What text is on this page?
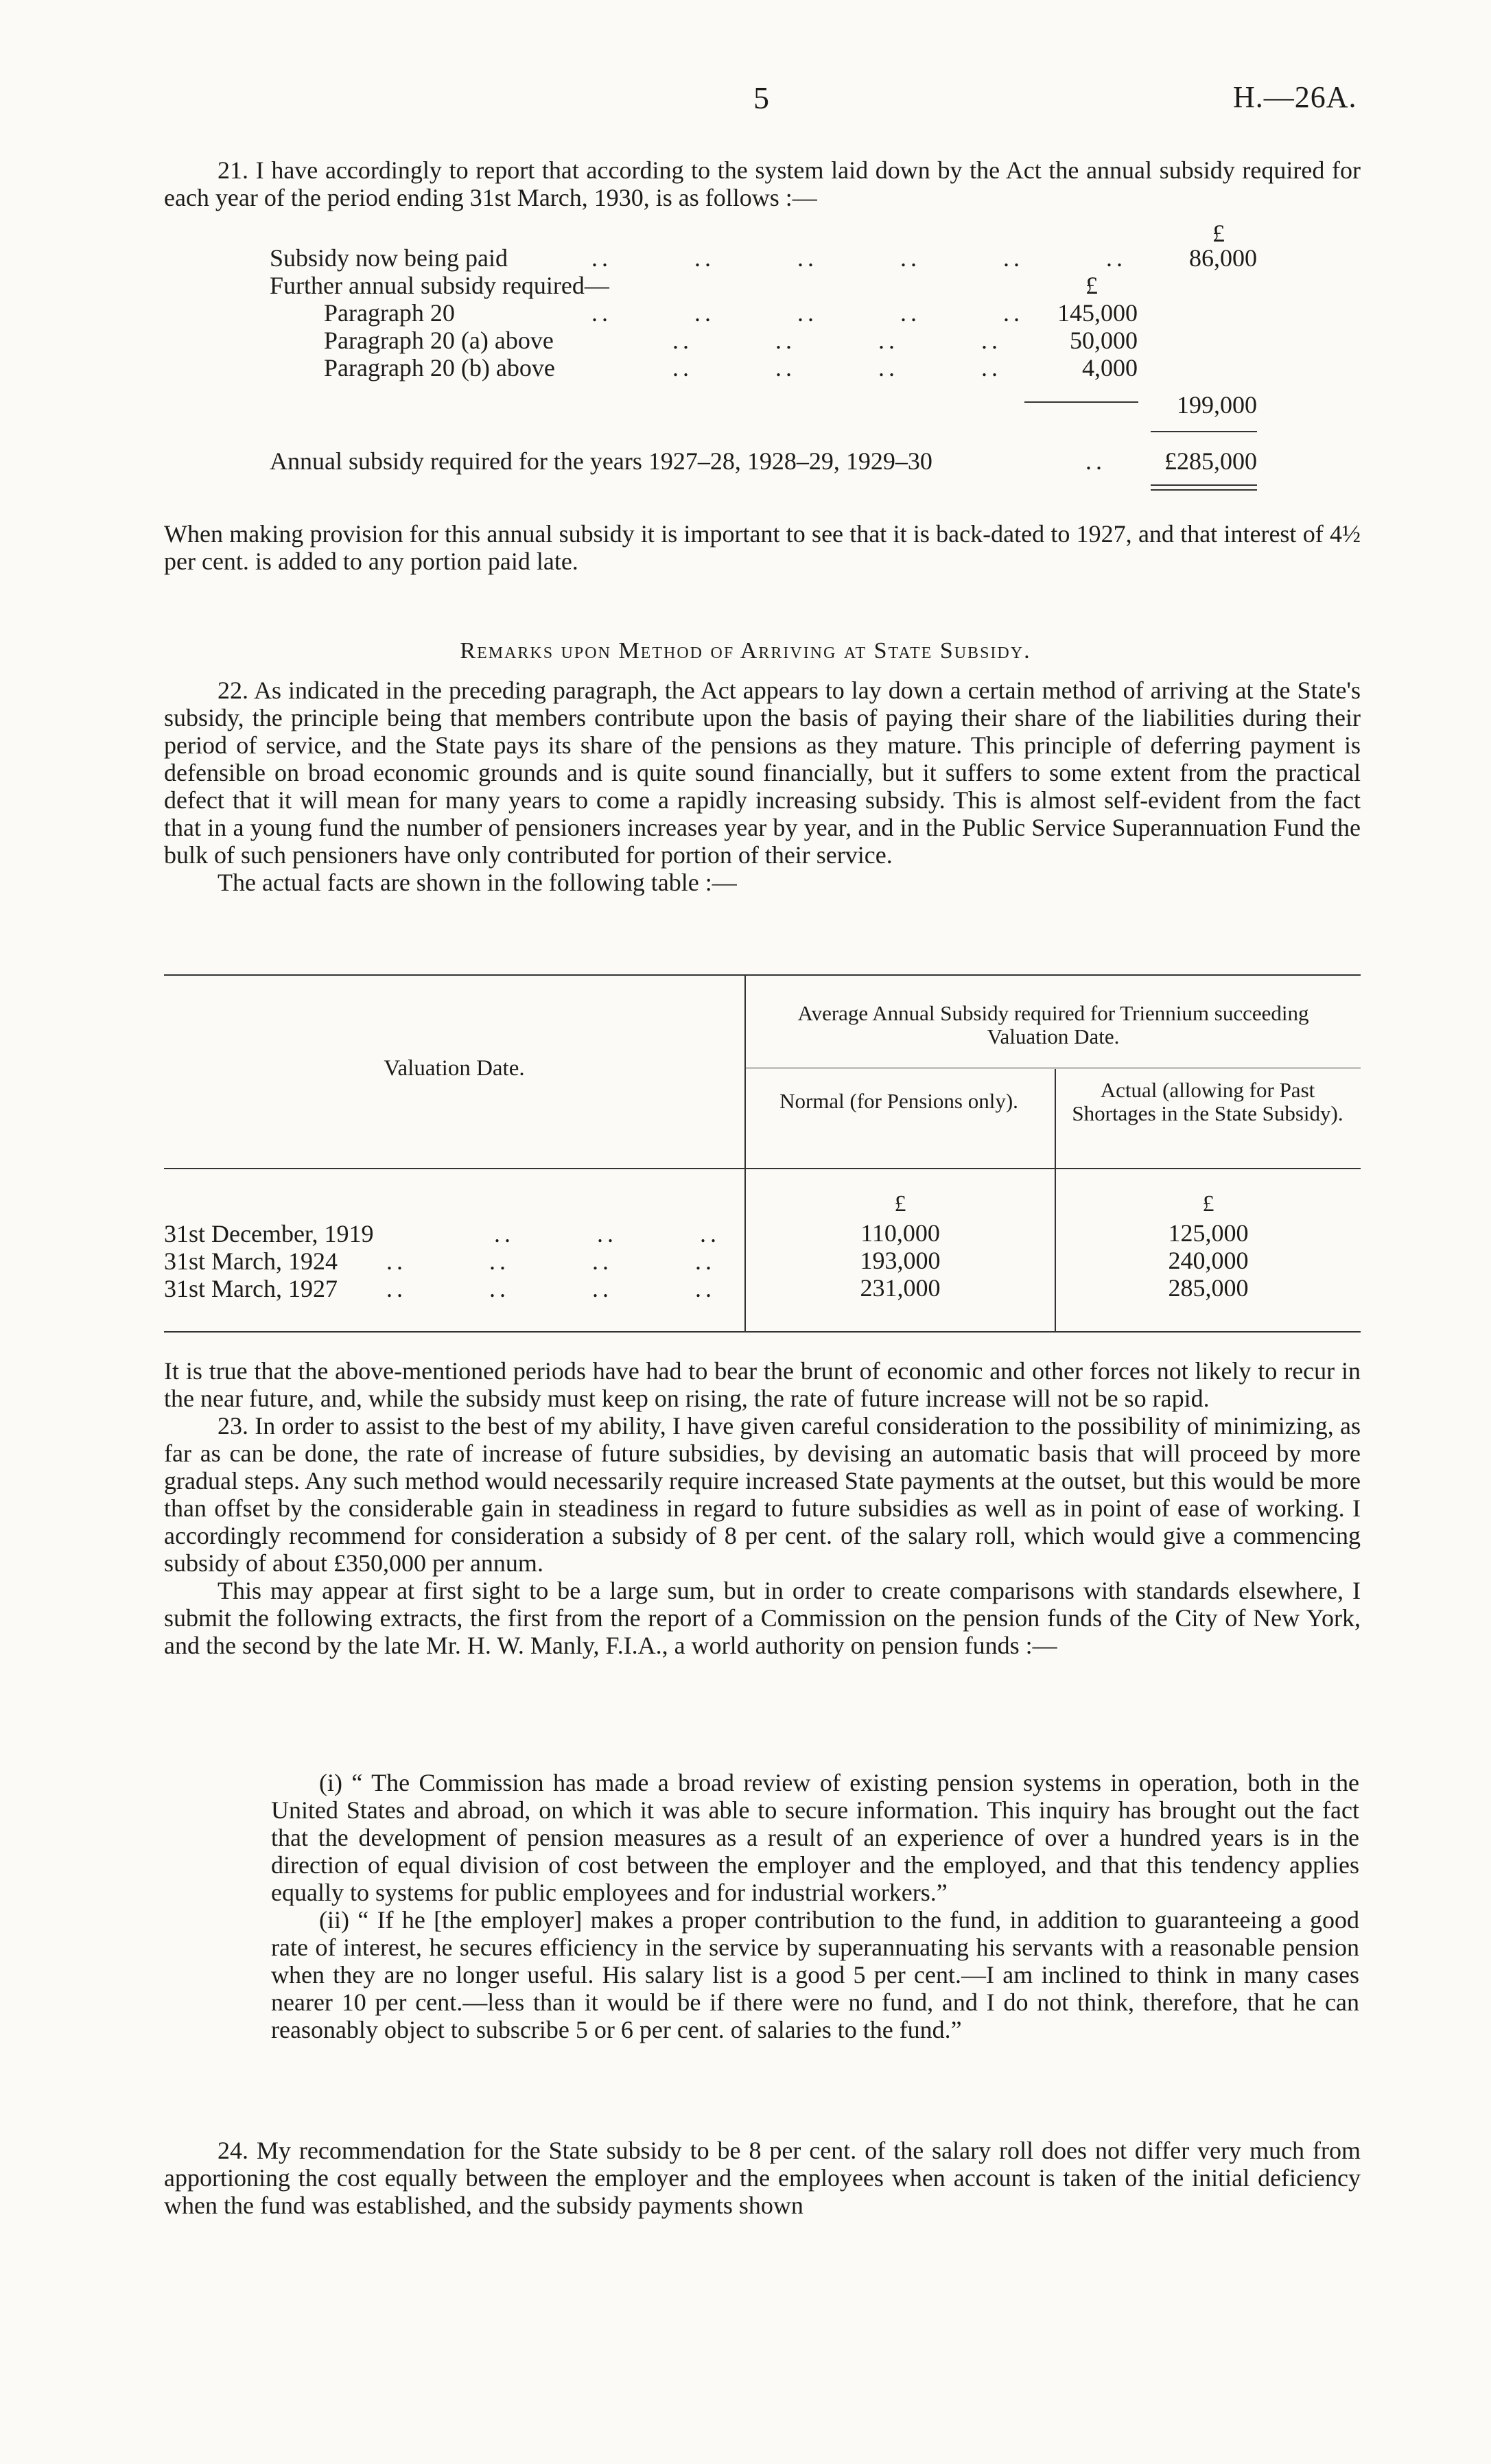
5	H.—26A.

21. I have accordingly to report that according to the system laid down by the Act the annual subsidy required for each year of the period ending 31st March, 1930, is as follows :—

£
Subsidy now being paid	..        ..        ..        ..        ..        ..	86,000
Further annual subsidy required—	£
Paragraph 20	..        ..        ..        ..        ..	145,000
Paragraph 20 (a) above	..        ..        ..        ..	50,000
Paragraph 20 (b) above	..        ..        ..        ..	4,000
199,000
Annual subsidy required for the years 1927–28, 1928–29, 1929–30	..	£285,000

When making provision for this annual subsidy it is important to see that it is back-dated to 1927, and that interest of 4½ per cent. is added to any portion paid late.

Remarks upon Method of Arriving at State Subsidy.

22. As indicated in the preceding paragraph, the Act appears to lay down a certain method of arriving at the State's subsidy, the principle being that members contribute upon the basis of paying their share of the liabilities during their period of service, and the State pays its share of the pensions as they mature. This principle of deferring payment is defensible on broad economic grounds and is quite sound financially, but it suffers to some extent from the practical defect that it will mean for many years to come a rapidly increasing subsidy. This is almost self-evident from the fact that in a young fund the number of pensioners increases year by year, and in the Public Service Superannuation Fund the bulk of such pensioners have only contributed for portion of their service.

The actual facts are shown in the following table :—

Valuation Date.
Average Annual Subsidy required for Triennium succeeding Valuation Date.
Normal (for Pensions only).	Actual (allowing for Past Shortages in the State Subsidy).
£	£
31st December, 1919	..        ..        ..	110,000	125,000
31st March, 1924 ..        ..        ..        ..	193,000	240,000
31st March, 1927 ..        ..        ..        ..	231,000	285,000

It is true that the above-mentioned periods have had to bear the brunt of economic and other forces not likely to recur in the near future, and, while the subsidy must keep on rising, the rate of future increase will not be so rapid.

23. In order to assist to the best of my ability, I have given careful consideration to the possibility of minimizing, as far as can be done, the rate of increase of future subsidies, by devising an automatic basis that will proceed by more gradual steps. Any such method would necessarily require increased State payments at the outset, but this would be more than offset by the considerable gain in steadiness in regard to future subsidies as well as in point of ease of working. I accordingly recommend for consideration a subsidy of 8 per cent. of the salary roll, which would give a commencing subsidy of about £350,000 per annum.

This may appear at first sight to be a large sum, but in order to create comparisons with standards elsewhere, I submit the following extracts, the first from the report of a Commission on the pension funds of the City of New York, and the second by the late Mr. H. W. Manly, F.I.A., a world authority on pension funds :—

(i) “ The Commission has made a broad review of existing pension systems in operation, both in the United States and abroad, on which it was able to secure information. This inquiry has brought out the fact that the development of pension measures as a result of an experience of over a hundred years is in the direction of equal division of cost between the employer and the employed, and that this tendency applies equally to systems for public employees and for industrial workers.”

(ii) “ If he [the employer] makes a proper contribution to the fund, in addition to guaranteeing a good rate of interest, he secures efficiency in the service by superannuating his servants with a reasonable pension when they are no longer useful. His salary list is a good 5 per cent.—I am inclined to think in many cases nearer 10 per cent.—less than it would be if there were no fund, and I do not think, therefore, that he can reasonably object to subscribe 5 or 6 per cent. of salaries to the fund.”

24. My recommendation for the State subsidy to be 8 per cent. of the salary roll does not differ very much from apportioning the cost equally between the employer and the employees when account is taken of the initial deficiency when the fund was established, and the subsidy payments shown
